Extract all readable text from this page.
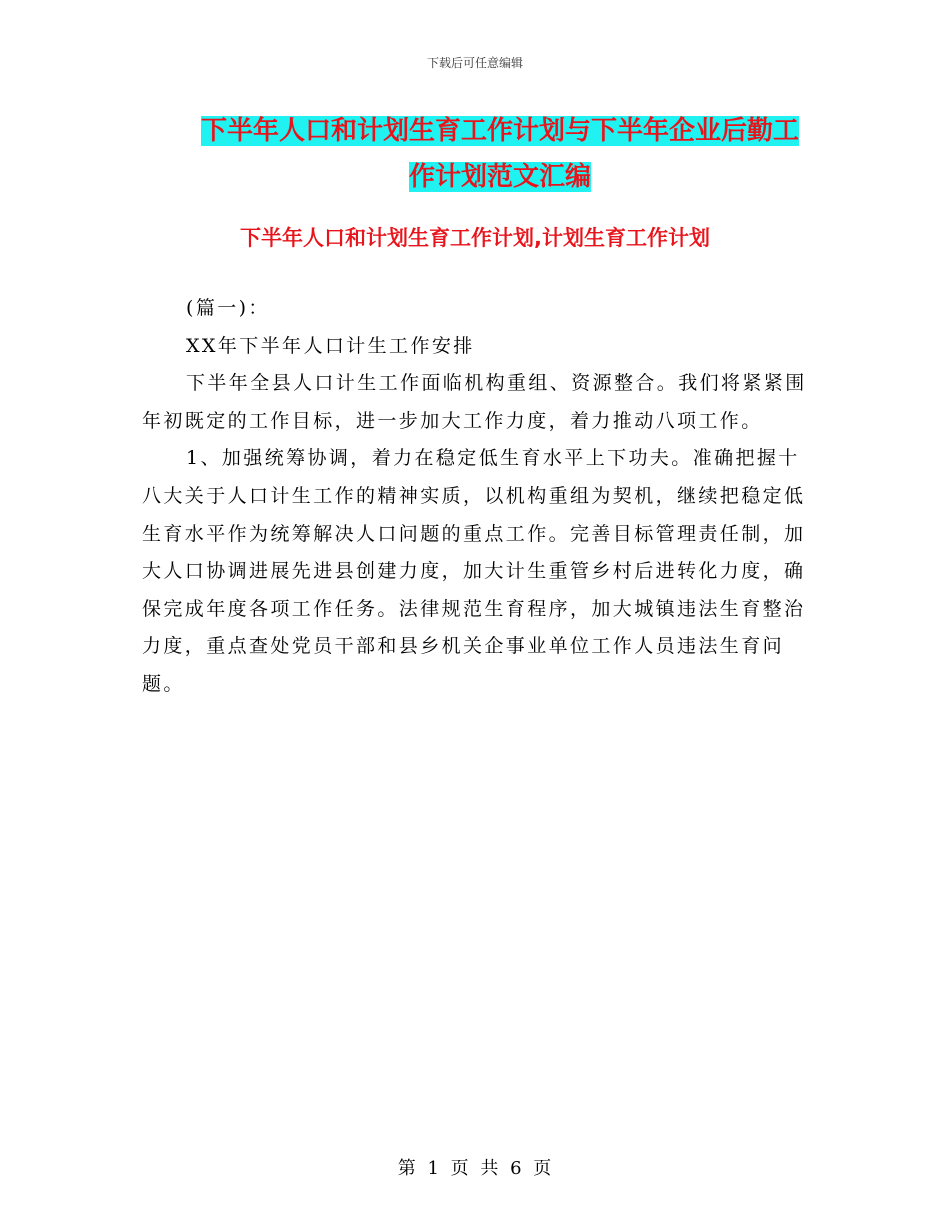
下载后可任意编辑
下半年人口和计划生育工作计划与下半年企业后勤工
作计划范文汇编
下半年人口和计划生育工作计划,计划生育工作计划

(篇一)：

XX年下半年人口计生工作安排

下半年全县人口计生工作面临机构重组、资源整合。我们将紧紧围年初既定的工作目标，进一步加大工作力度，着力推动八项工作。

1、加强统筹协调，着力在稳定低生育水平上下功夫。准确把握十八大关于人口计生工作的精神实质，以机构重组为契机，继续把稳定低生育水平作为统筹解决人口问题的重点工作。完善目标管理责任制，加大人口协调进展先进县创建力度，加大计生重管乡村后进转化力度，确保完成年度各项工作任务。法律规范生育程序，加大城镇违法生育整治力度，重点查处党员干部和县乡机关企事业单位工作人员违法生育问题。

第 1 页 共 6 页
